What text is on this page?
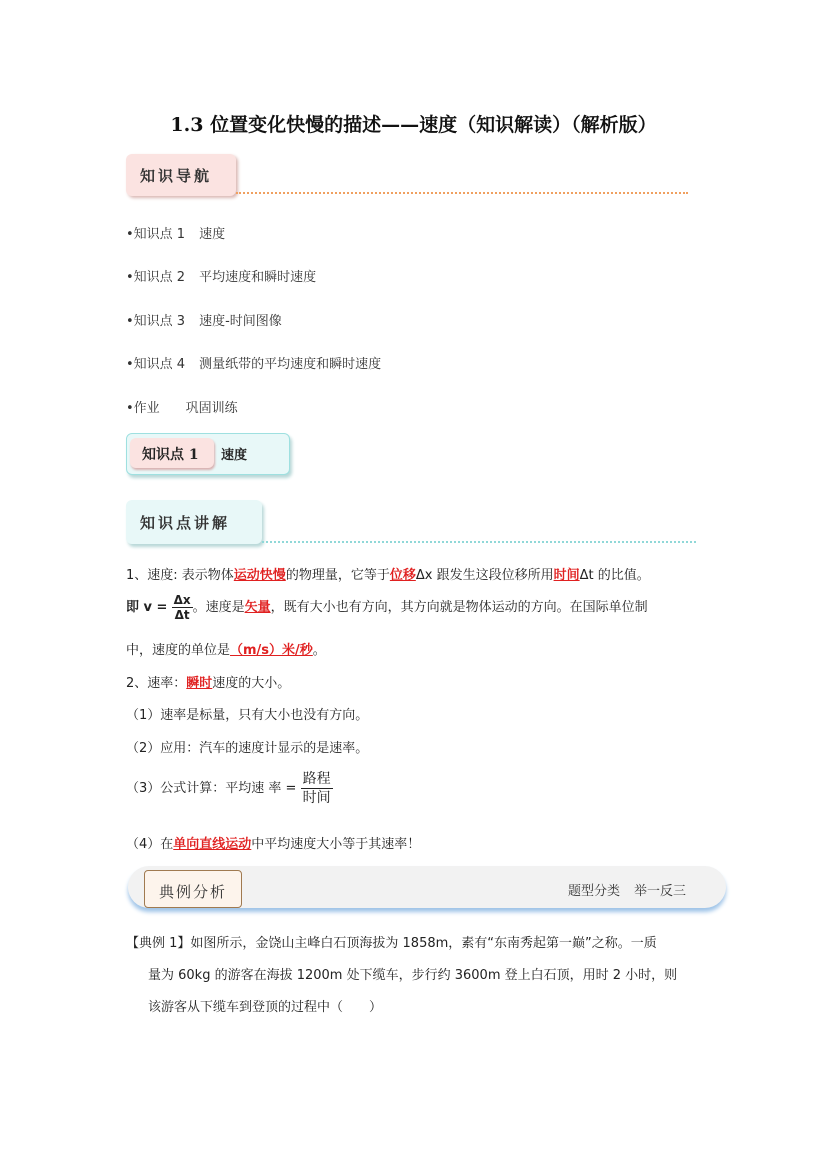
1.3 位置变化快慢的描述——速度（知识解读）（解析版）
知识导航
•知识点 1 速度
•知识点 2 平均速度和瞬时速度
•知识点 3 速度-时间图像
•知识点 4 测量纸带的平均速度和瞬时速度
•作业 巩固训练
知识点 1 速度
知识点讲解
1、速度: 表示物体运动快慢的物理量，它等于位移Δx 跟发生这段位移所用时间Δt 的比值。
即 $v = \frac{\Delta x}{\Delta t}$ 。速度是矢量，既有大小也有方向，其方向就是物体运动的方向。在国际单位制
中，速度的单位是（m/s）米/秒。
2、速率：瞬时速度的大小。
（1）速率是标量，只有大小也没有方向。
（2）应用：汽车的速度计显示的是速率。
（3）公式计算：平均速 率 =
路程
时间
（4）在单向直线运动中平均速度大小等于其速率！
典例分析	题型分类 举一反三
【典例 1】如图所示，金饶山主峰白石顶海拔为 1858m，素有“东南秀起第一巅”之称。一质
量为 60kg 的游客在海拔 1200m 处下缆车，步行约 3600m 登上白石顶，用时 2 小时，则
该游客从下缆车到登顶的过程中（　　）
